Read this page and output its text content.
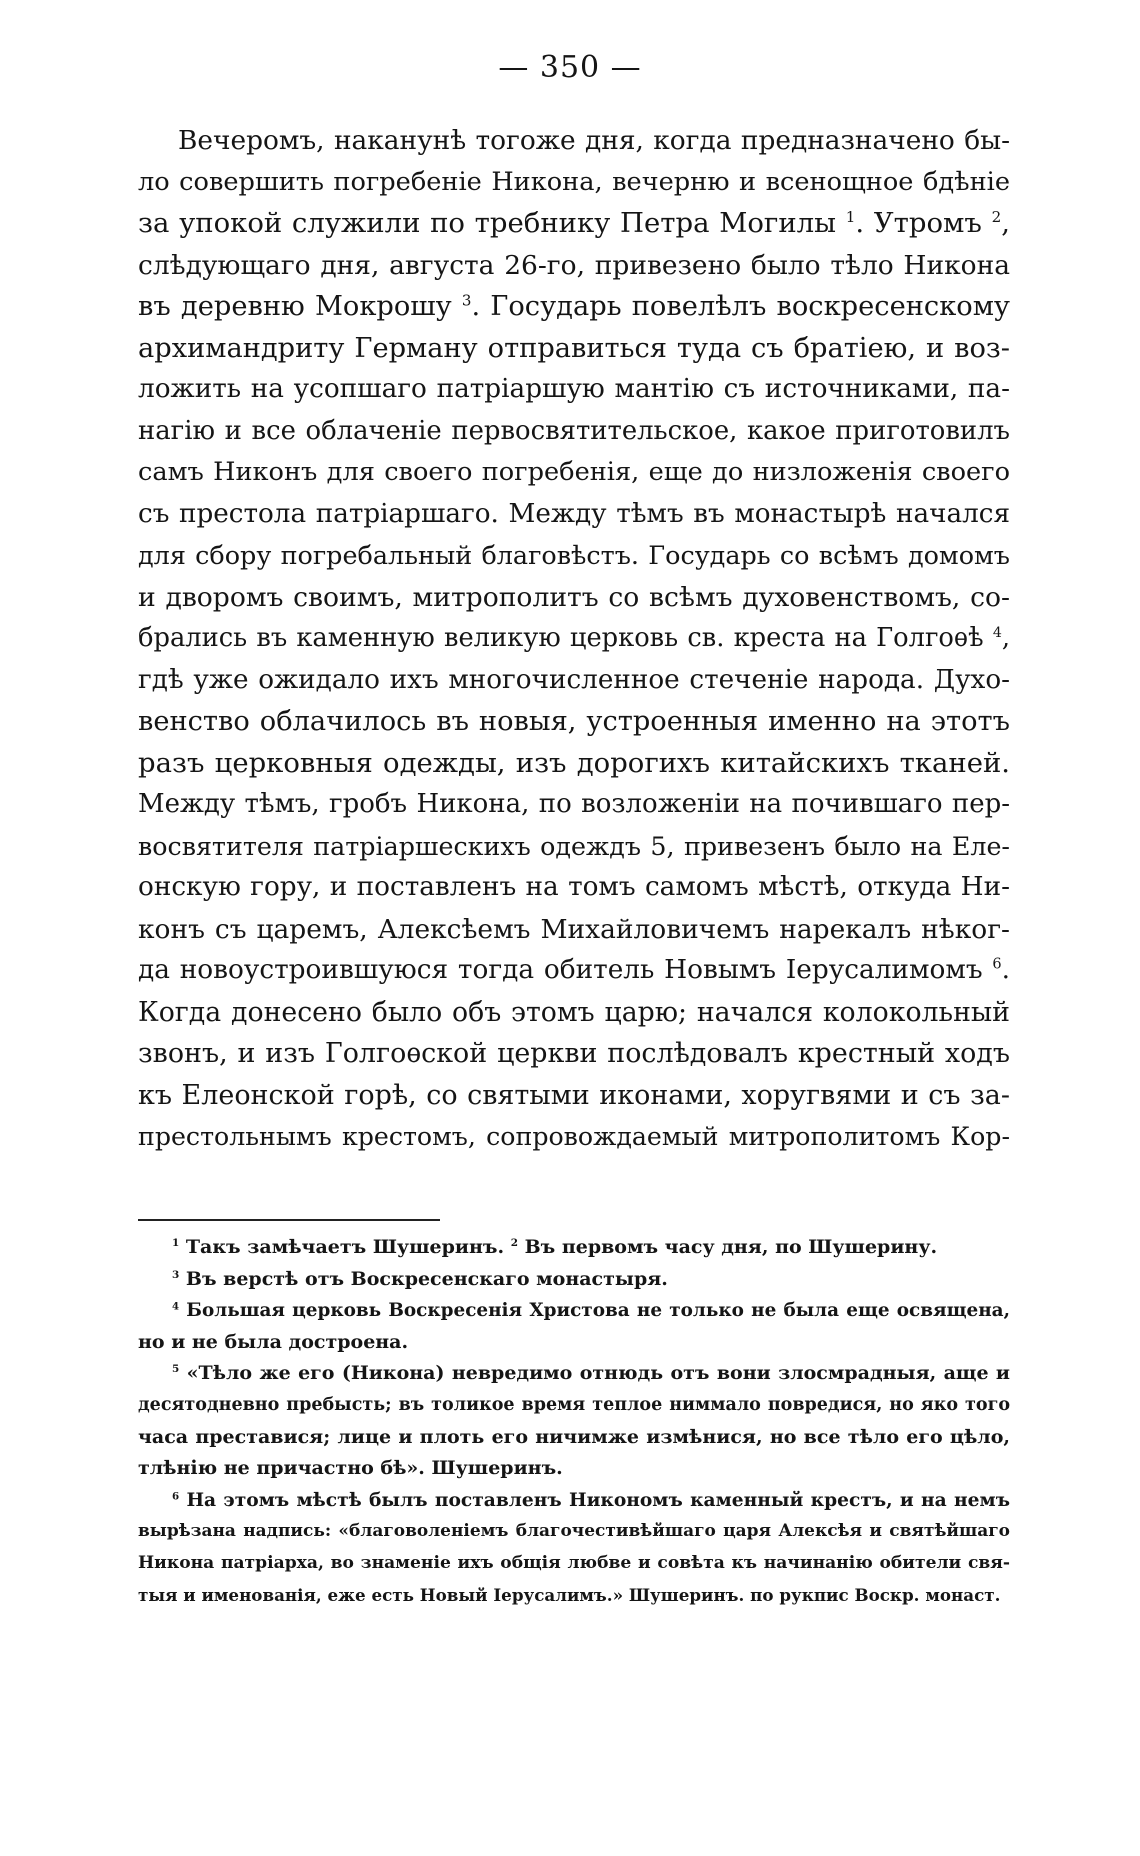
— 350 —
Вечеромъ, наканунѣ тогоже дня, когда предназначено бы-
ло совершить погребеніе Никона, вечерню и всенощное бдѣніе
за упокой служили по требнику Петра Могилы $^1$. Утромъ $^2$,
слѣдующаго дня, августа 26-го, привезено было тѣло Никона
въ деревню Мокрошу $^3$. Государь повелѣлъ воскресенскому
архимандриту Герману отправиться туда съ братіею, и воз-
ложить на усопшаго патріаршую мантію съ источниками, па-
нагію и все облаченіе первосвятительское, какое приготовилъ
самъ Никонъ для своего погребенія, еще до низложенія своего
съ престола патріаршаго. Между тѣмъ въ монастырѣ начался
для сбору погребальный благовѣстъ. Государь со всѣмъ домомъ
и дворомъ своимъ, митрополитъ со всѣмъ духовенствомъ, со-
брались въ каменную великую церковь св. креста на Голгоѳѣ $^4$,
гдѣ уже ожидало ихъ многочисленное стеченіе народа. Духо-
венство облачилось въ новыя, устроенныя именно на этотъ
разъ церковныя одежды, изъ дорогихъ китайскихъ тканей.
Между тѣмъ, гробъ Никона, по возложеніи на почившаго пер-
восвятителя патріаршескихъ одеждъ 5, привезенъ было на Еле-
онскую гору, и поставленъ на томъ самомъ мѣстѣ, откуда Ни-
конъ съ царемъ, Алексѣемъ Михайловичемъ нарекалъ нѣког-
да новоустроившуюся тогда обитель Новымъ Іерусалимомъ $^6$.
Когда донесено было объ этомъ царю; начался колокольный
звонъ, и изъ Голгоѳской церкви послѣдовалъ крестный ходъ
къ Елеонской горѣ, со святыми иконами, хоругвями и съ за-
престольнымъ крестомъ, сопровождаемый митрополитомъ Кор-
$^1$ Такъ замѣчаетъ Шушеринъ. $^2$ Въ первомъ часу дня, по Шушерину.
$^3$ Въ верстѣ отъ Воскресенскаго монастыря.
$^4$ Большая церковь Воскресенія Христова не только не была еще освящена,
но и не была достроена.
$^5$ «Тѣло же его (Никона) невредимо отнюдь отъ вони злосмрадныя, аще и
десятодневно пребысть; въ толикое время теплое ниммало повредися, но яко того
часа преставися; лице и плоть его ничимже измѣнися, но все тѣло его цѣло,
тлѣнію не причастно бѣ». Шушеринъ.
$^6$ На этомъ мѣстѣ былъ поставленъ Никономъ каменный крестъ, и на немъ
вырѣзана надпись: «благоволеніемъ благочестивѣйшаго царя Алексѣя и святѣйшаго
Никона патріарха, во знаменіе ихъ общія любве и совѣта къ начинанію обители свя-
тыя и именованія, еже есть Новый Іерусалимъ.» Шушеринъ. по рукпис Воскр. монаст.
